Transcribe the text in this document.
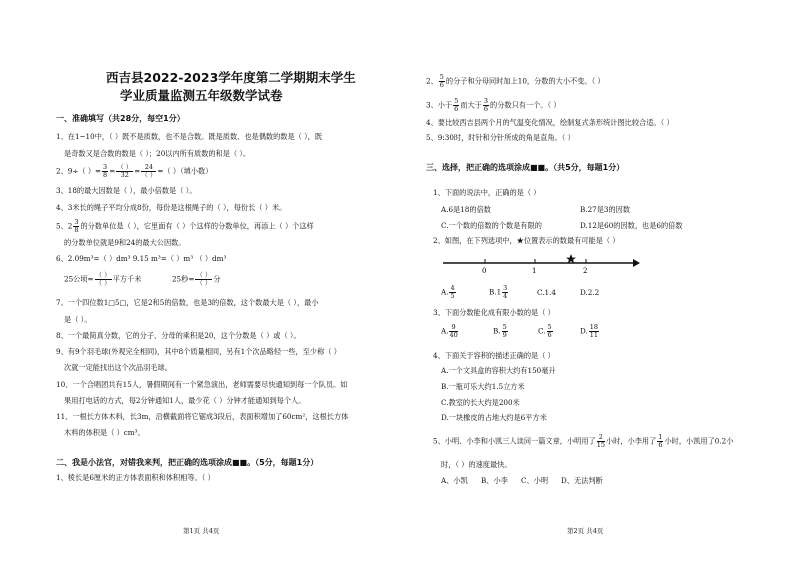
西吉县2022-2023学年度第二学期期末学生
学业质量监测五年级数学试卷
一、准确填写（共28分，每空1分）
1、在1~10中，（ ）既不是质数，也不是合数。既是质数、也是偶数的数是（ ），既
是奇数又是合数的数是（ ）；20以内所有质数的和是（ ）。
2、9÷（ ）= $\frac{3}{8} = \frac{( )}{32} = \frac{24}{( )}$ =（ ）（填小数）
3、18的最大因数是（ ），最小倍数是（ ）。
4、3米长的绳子平均分成8份，每份是这根绳子的（ ），每份长（ ）米。
5、$2 \frac{3}{8}$ 的分数单位是（ ），它里面有（ ）个这样的分数单位，再添上（ ）个这样
的分数单位就是9和24的最大公因数。
6、2.09m³=（ ）dm³ 9.15 m³=（ ）m³ （ ）dm³
25公顷= $\frac{( )}{( )}$ 平方千米	25秒= $\frac{( )}{( )}$ 分
7、一个四位数1□5□，它是2和5的倍数，也是3的倍数，这个数最大是（ ），最小
是（ ）。
8、一个最简真分数，它的分子、分母的乘积是20，这个分数是（ ）或（ ）。
9、有9个羽毛球(外观完全相同)，其中8个质量相同，另有1个次品略轻一些，至少称（ ）
次就一定能找出这个次品羽毛球。
10、一个合唱团共有15人，暑假期间有一个紧急演出，老师需要尽快通知到每一个队员。如
果用打电话的方式，每2分钟通知1人，最少花（ ）分钟才能通知到每个人。
11、一根长方体木料，长3m，沿横截面将它锯成3段后，表面积增加了60cm²，这根长方体
木料的体积是（ ）cm³。
二、我是小法官，对错我来判，把正确的选项涂成■■。（5分，每题1分）
1、棱长是6厘米的正方体表面积和体积相等。（ ）
第1页 共4页
2、 $\frac{5}{6}$ 的分子和分母同时加上10，分数的大小不变。（ ）
3、小于 $\frac{5}{6}$ 而大于 $\frac{3}{6}$ 的分数只有一个。（ ）
4、要比较西吉县两个月的气温变化情况，绘制复式条形统计图比较合适。（ ）
5、9:30时，时针和分针所成的角是直角。（ ）
三、选择，把正确的选项涂成■■。（共5分，每题1分）
1、下面的说法中，正确的是（ ）
A.6是18的倍数	B.27是3的因数
C.一个数的倍数的个数是有限的	D.12是60的因数，也是6的倍数
2、如图，在下列选项中，★位置表示的数最有可能是（ ）
0	1	2
A. $\frac{4}{5}$	$B.1 \frac{3}{4}$	C.1.4	D.2.2
3、下面分数能化成有限小数的是（ ）
A. $\frac{9}{40}$	B. $\frac{5}{9}$	C. $\frac{5}{6}$	D. $\frac{18}{11}$
4、下面关于容积的描述正确的是（ ）
A.一个文具盒的容积大约有150毫升
B.一瓶可乐大约1.5立方米
C.教室的长大约是200米
D.一块橡皮的占地大约是6平方米
5、小明、小李和小凯三人读同一篇文章，小明用了 $\frac{2}{15}$ 小时，小李用了 $\frac{1}{6}$ 小时，小凯用了0.2小
时，（ ）的速度最快。
A、小凯 B、小李 C、小明 D、无法判断
第2页 共4页
